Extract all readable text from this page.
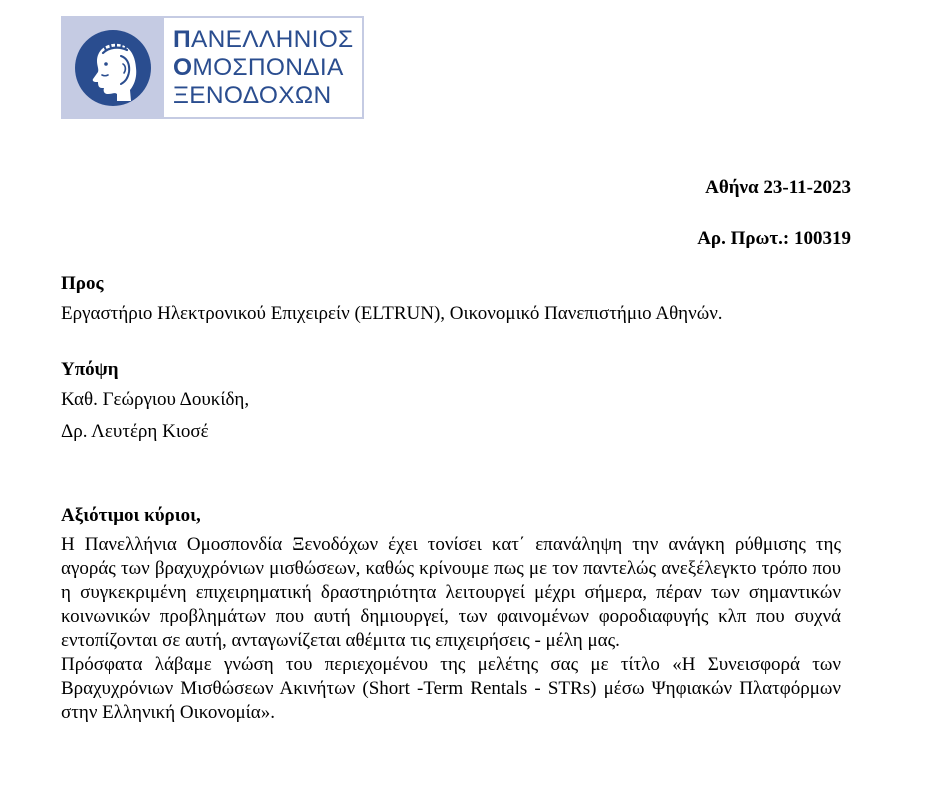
ΠΑΝΕΛΛΗΝΙΟΣ
ΟΜΟΣΠΟΝΔΙΑ
ΞΕΝΟΔΟΧΩΝ
Αθήνα 23-11-2023
Αρ. Πρωτ.: 100319
Προς
Εργαστήριο Ηλεκτρονικού Επιχειρείν (ELTRUN), Οικονομικό Πανεπιστήμιο Αθηνών.
Υπόψη
Καθ. Γεώργιου Δουκίδη,
Δρ. Λευτέρη Κιοσέ
Αξιότιμοι κύριοι,

Η Πανελλήνια Ομοσπονδία Ξενοδόχων έχει τονίσει κατ΄ επανάληψη την ανάγκη ρύθμισης της αγοράς των βραχυχρόνιων μισθώσεων, καθώς κρίνουμε πως με τον παντελώς ανεξέλεγκτο τρόπο που η συγκεκριμένη επιχειρηματική δραστηριότητα λειτουργεί μέχρι σήμερα, πέραν των σημαντικών κοινωνικών προβλημάτων που αυτή δημιουργεί, των φαινομένων φοροδιαφυγής κλπ που συχνά εντοπίζονται σε αυτή, ανταγωνίζεται αθέμιτα τις επιχειρήσεις - μέλη μας.

Πρόσφατα λάβαμε γνώση του περιεχομένου της μελέτης σας με τίτλο «Η Συνεισφορά των Βραχυχρόνιων Μισθώσεων Ακινήτων (Short -Term Rentals - STRs) μέσω Ψηφιακών Πλατφόρμων στην Ελληνική Οικονομία».
